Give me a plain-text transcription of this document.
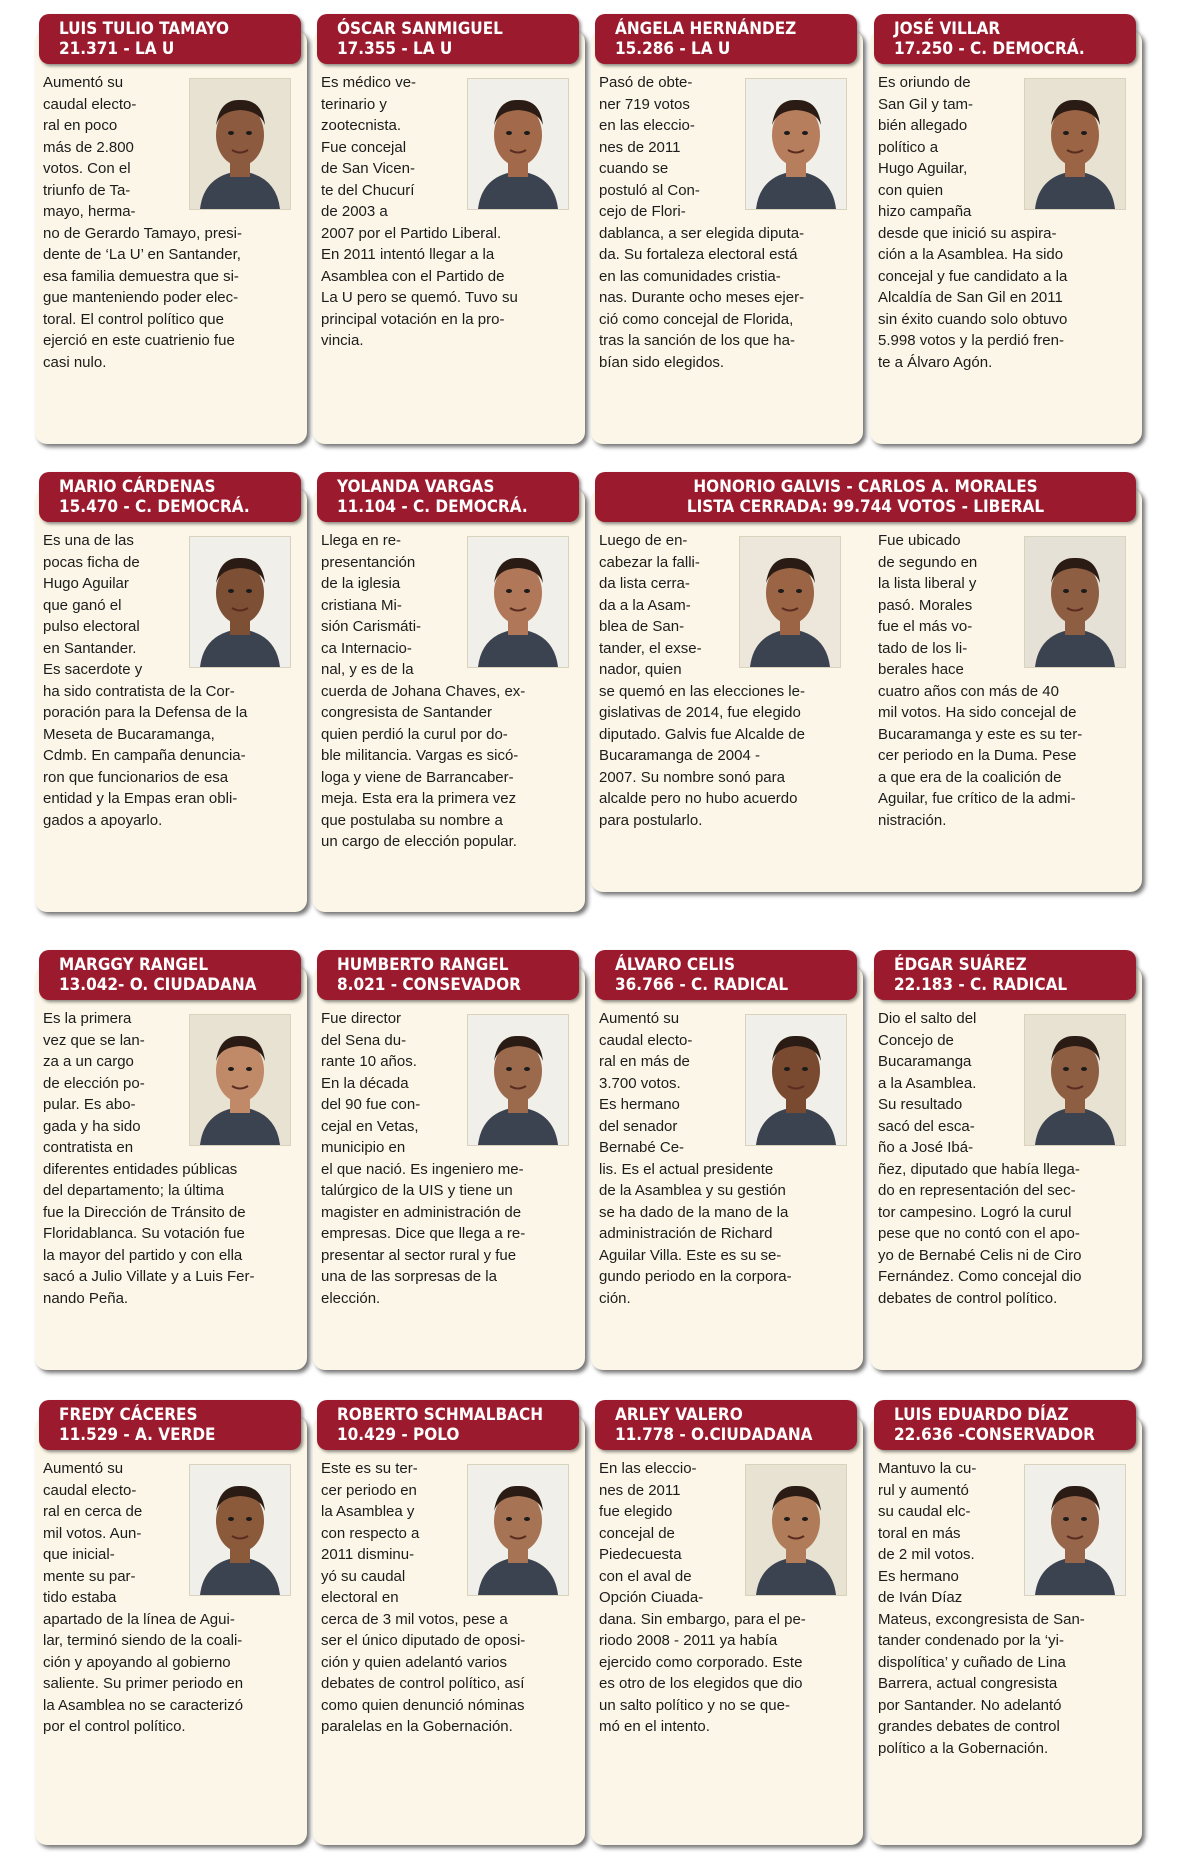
LUIS TULIO TAMAYO
21.371 - LA U
Aumentó su
caudal electo-
ral en poco
más de 2.800
votos. Con el
triunfo de Ta-
mayo, herma-
no de Gerardo Tamayo, presi-
dente de ‘La U’ en Santander,
esa familia demuestra que si-
gue manteniendo poder elec-
toral. El control político que
ejerció en este cuatrienio fue
casi nulo.
ÓSCAR SANMIGUEL
17.355 - LA U
Es médico ve-
terinario y
zootecnista.
Fue concejal
de San Vicen-
te del Chucurí
de 2003 a
2007 por el Partido Liberal.
En 2011 intentó llegar a la
Asamblea con el Partido de
La U pero se quemó. Tuvo su
principal votación en la pro-
vincia.
ÁNGELA HERNÁNDEZ
15.286 - LA U
Pasó de obte-
ner 719 votos
en las eleccio-
nes de 2011
cuando se
postuló al Con-
cejo de Flori-
dablanca, a ser elegida diputa-
da. Su fortaleza electoral está
en las comunidades cristia-
nas. Durante ocho meses ejer-
ció como concejal de Florida,
tras la sanción de los que ha-
bían sido elegidos.
JOSÉ VILLAR
17.250 - C. DEMOCRÁ.
Es oriundo de
San Gil y tam-
bién allegado
político a
Hugo Aguilar,
con quien
hizo campaña
desde que inició su aspira-
ción a la Asamblea. Ha sido
concejal y fue candidato a la
Alcaldía de San Gil en 2011
sin éxito cuando solo obtuvo
5.998 votos y la perdió fren-
te a Álvaro Agón.
MARIO CÁRDENAS
15.470 - C. DEMOCRÁ.
Es una de las
pocas ficha de
Hugo Aguilar
que ganó el
pulso electoral
en Santander.
Es sacerdote y
ha sido contratista de la Cor-
poración para la Defensa de la
Meseta de Bucaramanga,
Cdmb. En campaña denuncia-
ron que funcionarios de esa
entidad y la Empas eran obli-
gados a apoyarlo.
YOLANDA VARGAS
11.104 - C. DEMOCRÁ.
Llega en re-
presentanción
de la iglesia
cristiana Mi-
sión Carismáti-
ca Internacio-
nal, y es de la
cuerda de Johana Chaves, ex-
congresista de Santander
quien perdió la curul por do-
ble militancia. Vargas es sicó-
loga y viene de Barrancaber-
meja. Esta era la primera vez
que postulaba su nombre a
un cargo de elección popular.
MARGGY RANGEL
13.042- O. CIUDADANA
Es la primera
vez que se lan-
za a un cargo
de elección po-
pular. Es abo-
gada y ha sido
contratista en
diferentes entidades públicas
del departamento; la última
fue la Dirección de Tránsito de
Floridablanca. Su votación fue
la mayor del partido y con ella
sacó a Julio Villate y a Luis Fer-
nando Peña.
HUMBERTO RANGEL
8.021 - CONSEVADOR
Fue director
del Sena du-
rante 10 años.
En la década
del 90 fue con-
cejal en Vetas,
municipio en
el que nació. Es ingeniero me-
talúrgico de la UIS y tiene un
magister en administración de
empresas. Dice que llega a re-
presentar al sector rural y fue
una de las sorpresas de la
elección.
ÁLVARO CELIS
36.766 - C. RADICAL
Aumentó su
caudal electo-
ral en más de
3.700 votos.
Es hermano
del senador
Bernabé Ce-
lis. Es el actual presidente
de la Asamblea y su gestión
se ha dado de la mano de la
administración de Richard
Aguilar Villa. Este es su se-
gundo periodo en la corpora-
ción.
ÉDGAR SUÁREZ
22.183 - C. RADICAL
Dio el salto del
Concejo de
Bucaramanga
a la Asamblea.
Su resultado
sacó del esca-
ño a José Ibá-
ñez, diputado que había llega-
do en representación del sec-
tor campesino. Logró la curul
pese que no contó con el apo-
yo de Bernabé Celis ni de Ciro
Fernández. Como concejal dio
debates de control político.
FREDY CÁCERES
11.529 - A. VERDE
Aumentó su
caudal electo-
ral en cerca de
mil votos. Aun-
que inicial-
mente su par-
tido estaba
apartado de la línea de Agui-
lar, terminó siendo de la coali-
ción y apoyando al gobierno
saliente. Su primer periodo en
la Asamblea no se caracterizó
por el control político.
ROBERTO SCHMALBACH
10.429 - POLO
Este es su ter-
cer periodo en
la Asamblea y
con respecto a
2011 disminu-
yó su caudal
electoral en
cerca de 3 mil votos, pese a
ser el único diputado de oposi-
ción y quien adelantó varios
debates de control político, así
como quien denunció nóminas
paralelas en la Gobernación.
ARLEY VALERO
11.778 - O.CIUDADANA
En las eleccio-
nes de 2011
fue elegido
concejal de
Piedecuesta
con el aval de
Opción Ciuada-
dana. Sin embargo, para el pe-
riodo 2008 - 2011 ya había
ejercido como corporado. Este
es otro de los elegidos que dio
un salto político y no se que-
mó en el intento.
LUIS EDUARDO DÍAZ
22.636 -CONSERVADOR
Mantuvo la cu-
rul y aumentó
su caudal elc-
toral en más
de 2 mil votos.
Es hermano
de Iván Díaz
Mateus, excongresista de San-
tander condenado por la ‘yi-
dispolítica’ y cuñado de Lina
Barrera, actual congresista
por Santander. No adelantó
grandes debates de control
político a la Gobernación.
HONORIO GALVIS - CARLOS A. MORALES
LISTA CERRADA: 99.744 VOTOS - LIBERAL
Luego de en-
cabezar la falli-
da lista cerra-
da a la Asam-
blea de San-
tander, el exse-
nador, quien
se quemó en las elecciones le-
gislativas de 2014, fue elegido
diputado. Galvis fue Alcalde de
Bucaramanga de 2004 -
2007. Su nombre sonó para
alcalde pero no hubo acuerdo
para postularlo.
Fue ubicado
de segundo en
la lista liberal y
pasó. Morales
fue el más vo-
tado de los li-
berales hace
cuatro años con más de 40
mil votos. Ha sido concejal de
Bucaramanga y este es su ter-
cer periodo en la Duma. Pese
a que era de la coalición de
Aguilar, fue crítico de la admi-
nistración.
